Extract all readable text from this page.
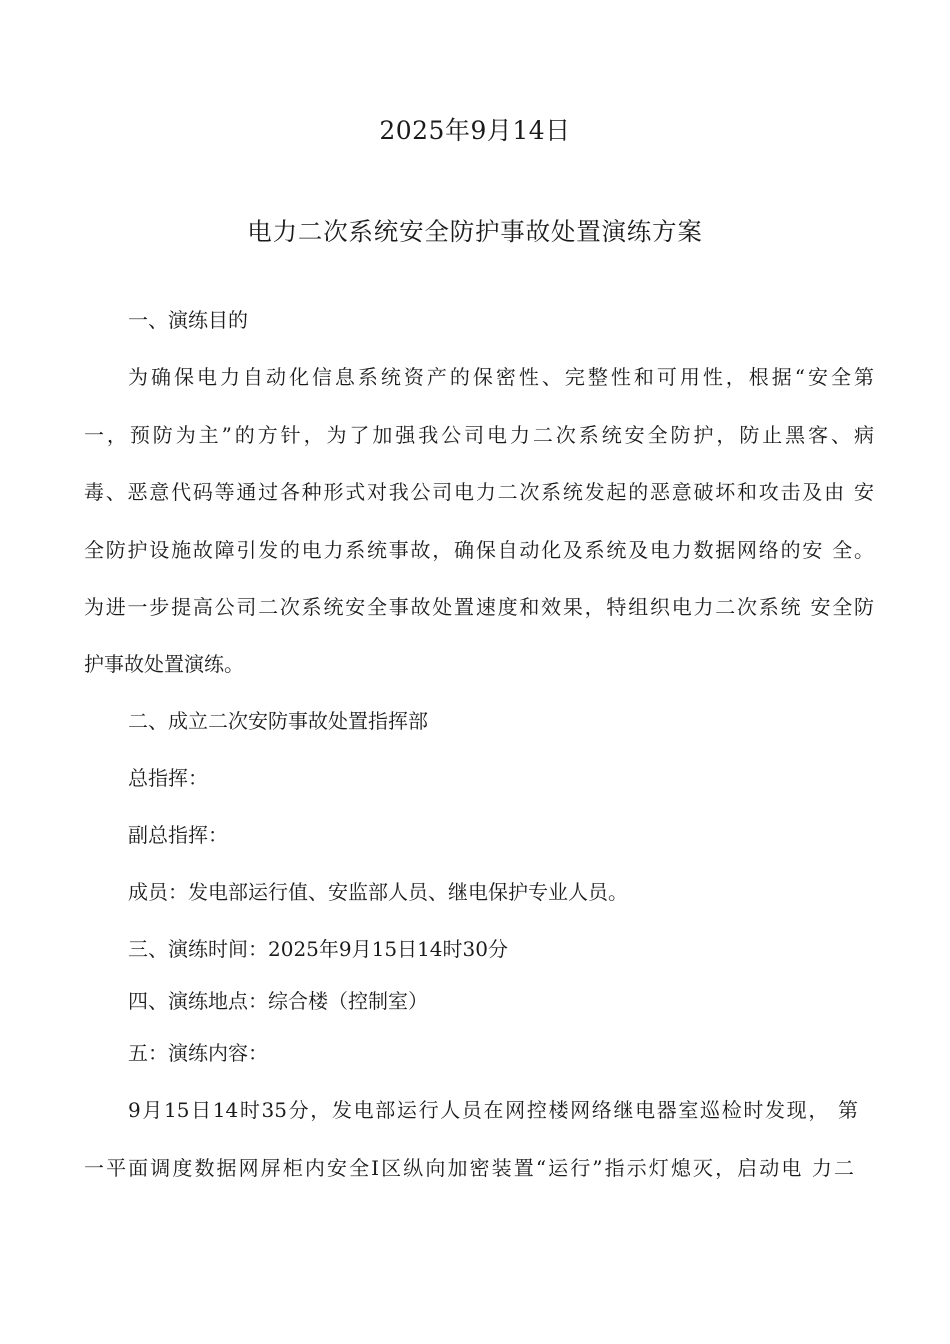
2025年9月14日
电力二次系统安全防护事故处置演练方案
一、演练目的
为确保电力自动化信息系统资产的保密性、完整性和可用性，根据“安全第
一，预防为主”的方针，为了加强我公司电力二次系统安全防护，防止黑客、病
毒、恶意代码等通过各种形式对我公司电力二次系统发起的恶意破坏和攻击及由 安
全防护设施故障引发的电力系统事故，确保自动化及系统及电力数据网络的安 全。
为进一步提高公司二次系统安全事故处置速度和效果，特组织电力二次系统 安全防
护事故处置演练。
二、成立二次安防事故处置指挥部
总指挥：
副总指挥：
成员：发电部运行值、安监部人员、继电保护专业人员。
三、演练时间：2025年9月15日14时30分
四、演练地点：综合楼（控制室）
五：演练内容：
9月15日14时35分，发电部运行人员在网控楼网络继电器室巡检时发现， 第
一平面调度数据网屏柜内安全I区纵向加密装置“运行”指示灯熄灭，启动电 力二
